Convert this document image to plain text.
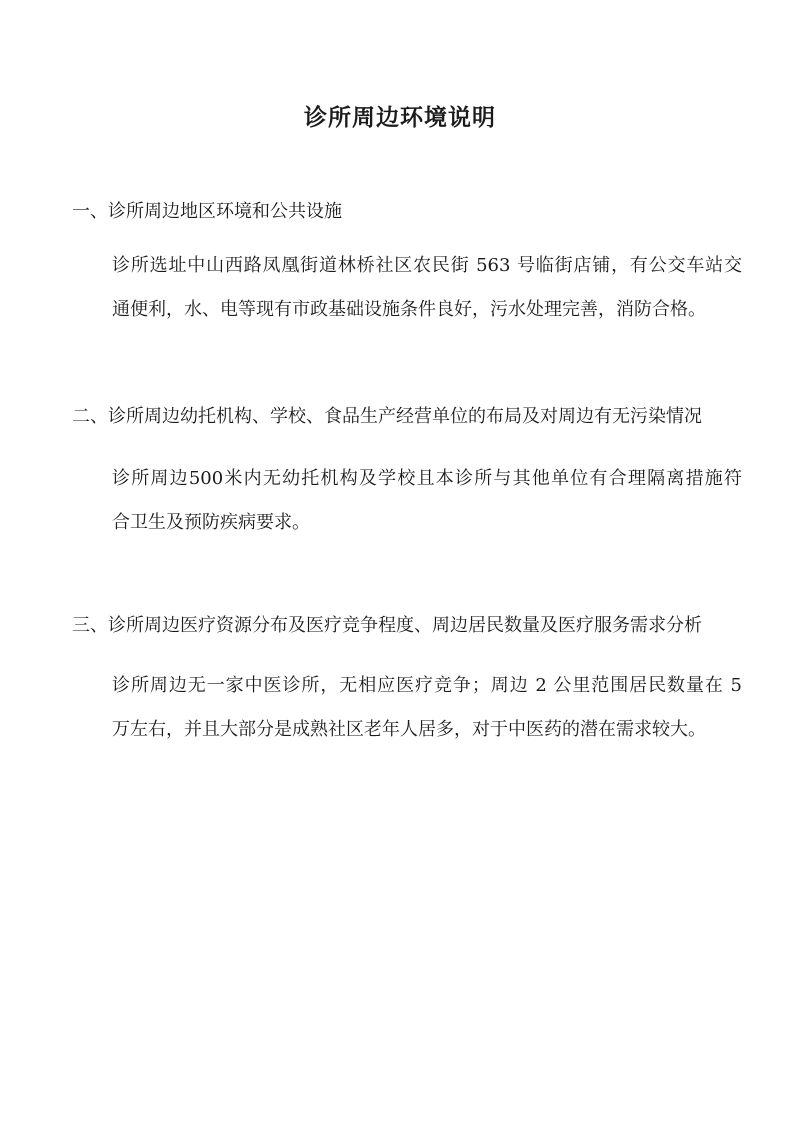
诊所周边环境说明
一、诊所周边地区环境和公共设施
诊所选址中山西路凤凰街道林桥社区农民街 563 号临街店铺，有公交车站交
通便利，水、电等现有市政基础设施条件良好，污水处理完善，消防合格。
二、诊所周边幼托机构、学校、食品生产经营单位的布局及对周边有无污染情况
诊所周边500米内无幼托机构及学校且本诊所与其他单位有合理隔离措施符
合卫生及预防疾病要求。
三、诊所周边医疗资源分布及医疗竞争程度、周边居民数量及医疗服务需求分析
诊所周边无一家中医诊所，无相应医疗竞争；周边 2 公里范围居民数量在 5
万左右，并且大部分是成熟社区老年人居多，对于中医药的潜在需求较大。
